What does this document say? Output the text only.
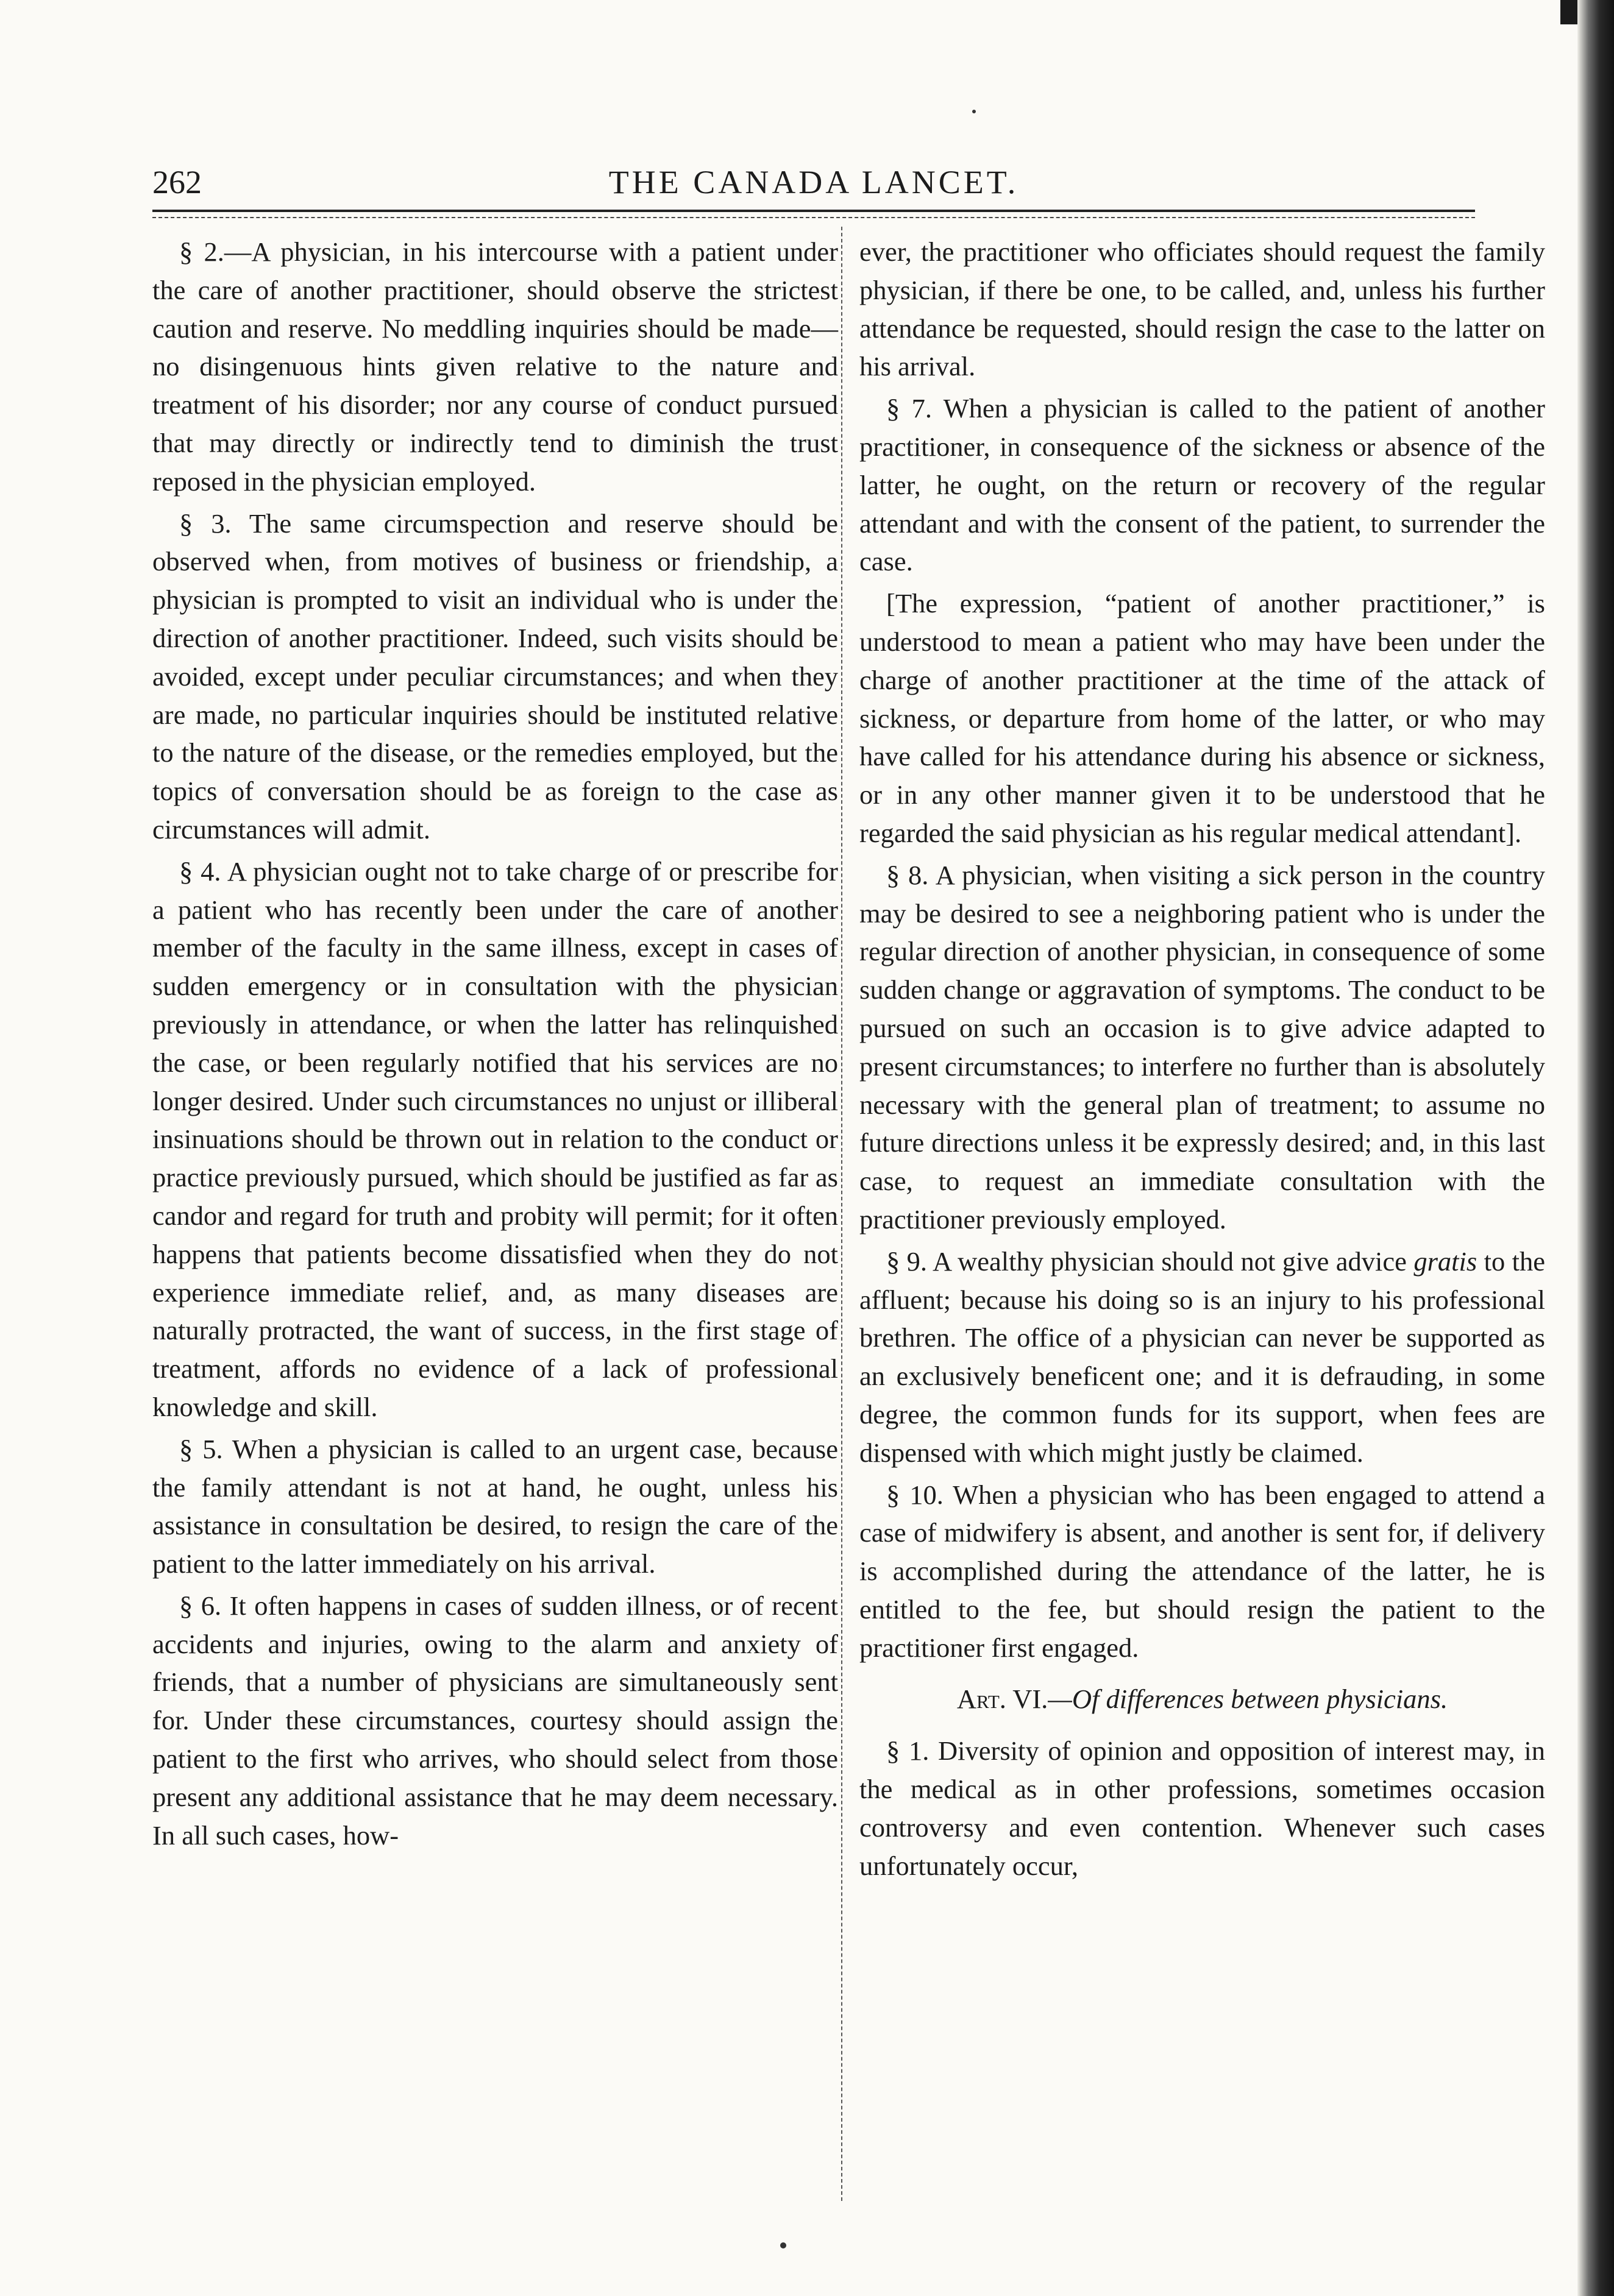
262	THE CANADA LANCET.

§ 2.—A physician, in his intercourse with a patient under the care of another practitioner, should observe the strictest caution and reserve. No meddling inquiries should be made—no disingenuous hints given relative to the nature and treatment of his disorder; nor any course of conduct pursued that may directly or indirectly tend to diminish the trust reposed in the physician employed.

§ 3. The same circumspection and reserve should be observed when, from motives of business or friendship, a physician is prompted to visit an individual who is under the direction of another practitioner. Indeed, such visits should be avoided, except under peculiar circumstances; and when they are made, no particular inquiries should be instituted relative to the nature of the disease, or the remedies employed, but the topics of conversation should be as foreign to the case as circumstances will admit.

§ 4. A physician ought not to take charge of or prescribe for a patient who has recently been under the care of another member of the faculty in the same illness, except in cases of sudden emergency or in consultation with the physician previously in attendance, or when the latter has relinquished the case, or been regularly notified that his services are no longer desired. Under such circumstances no unjust or illiberal insinuations should be thrown out in relation to the conduct or practice previously pursued, which should be justified as far as candor and regard for truth and probity will permit; for it often happens that patients become dissatisfied when they do not experience immediate relief, and, as many diseases are naturally protracted, the want of success, in the first stage of treatment, affords no evidence of a lack of professional knowledge and skill.

§ 5. When a physician is called to an urgent case, because the family attendant is not at hand, he ought, unless his assistance in consultation be desired, to resign the care of the patient to the latter immediately on his arrival.

§ 6. It often happens in cases of sudden illness, or of recent accidents and injuries, owing to the alarm and anxiety of friends, that a number of physicians are simultaneously sent for. Under these circumstances, courtesy should assign the patient to the first who arrives, who should select from those present any additional assistance that he may deem necessary. In all such cases, how-

ever, the practitioner who officiates should request the family physician, if there be one, to be called, and, unless his further attendance be requested, should resign the case to the latter on his arrival.

§ 7. When a physician is called to the patient of another practitioner, in consequence of the sickness or absence of the latter, he ought, on the return or recovery of the regular attendant and with the consent of the patient, to surrender the case.

[The expression, “patient of another practitioner,” is understood to mean a patient who may have been under the charge of another practitioner at the time of the attack of sickness, or departure from home of the latter, or who may have called for his attendance during his absence or sickness, or in any other manner given it to be understood that he regarded the said physician as his regular medical attendant].

§ 8. A physician, when visiting a sick person in the country may be desired to see a neighboring patient who is under the regular direction of another physician, in consequence of some sudden change or aggravation of symptoms. The conduct to be pursued on such an occasion is to give advice adapted to present circumstances; to interfere no further than is absolutely necessary with the general plan of treatment; to assume no future directions unless it be expressly desired; and, in this last case, to request an immediate consultation with the practitioner previously employed.

§ 9. A wealthy physician should not give advice gratis to the affluent; because his doing so is an injury to his professional brethren. The office of a physician can never be supported as an exclusively beneficent one; and it is defrauding, in some degree, the common funds for its support, when fees are dispensed with which might justly be claimed.

§ 10. When a physician who has been engaged to attend a case of midwifery is absent, and another is sent for, if delivery is accomplished during the attendance of the latter, he is entitled to the fee, but should resign the patient to the practitioner first engaged.

Art. VI.—Of differences between physicians.

§ 1. Diversity of opinion and opposition of interest may, in the medical as in other professions, sometimes occasion controversy and even contention. Whenever such cases unfortunately occur,
